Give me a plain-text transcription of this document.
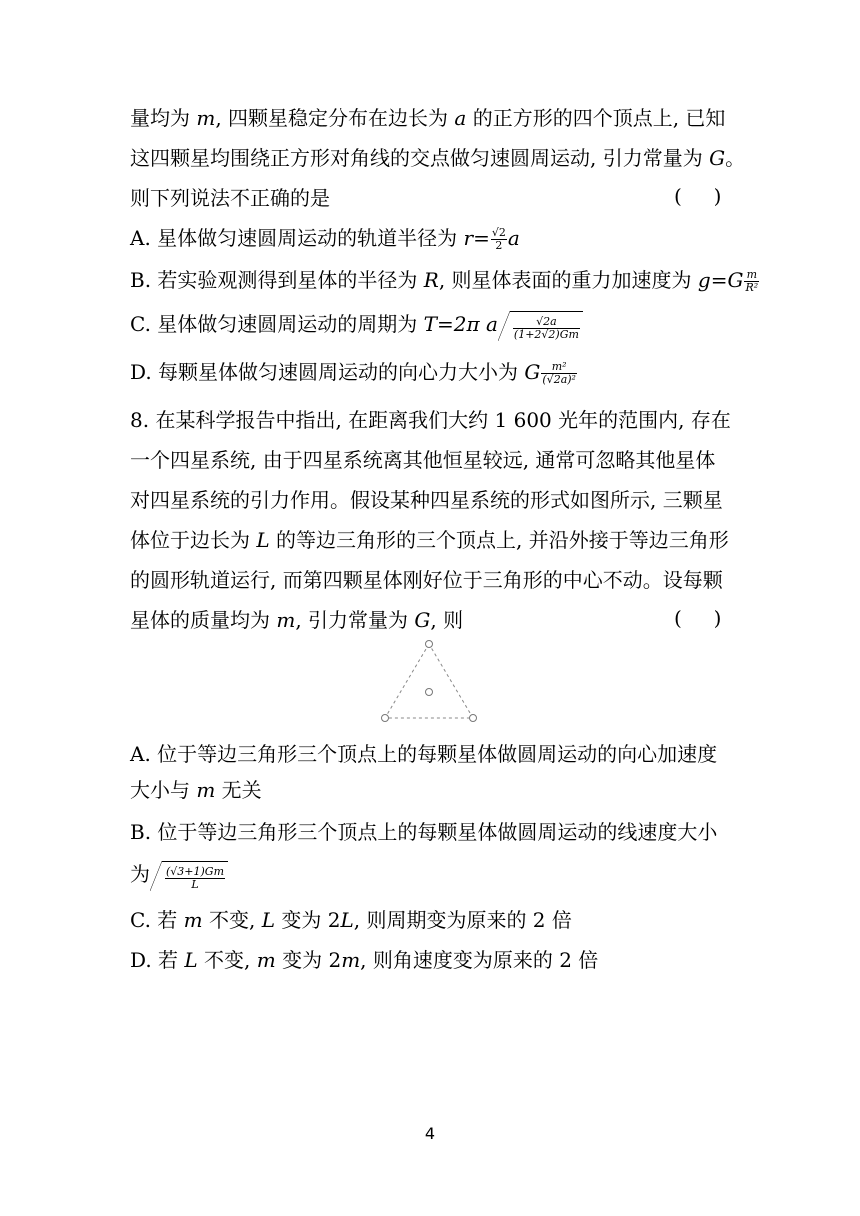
量均为 m, 四颗星稳定分布在边长为 a 的正方形的四个顶点上, 已知
这四颗星均围绕正方形对角线的交点做匀速圆周运动, 引力常量为 G。
则下列说法不正确的是	(     )
A. 星体做匀速圆周运动的轨道半径为 $r= \frac{√2}{2}$ a
B. 若实验观测得到星体的半径为 R, 则星体表面的重力加速度为 $g=G \frac{m}{\text{R²}}$
C. 星体做匀速圆周运动的周期为 T=2π a $\frac{√2a}{(1+2√2)Gm}$
D. 每颗星体做匀速圆周运动的向心力大小为 G $\frac{\text{m²}}{\text{(√2a)²}}$
8. 在某科学报告中指出, 在距离我们大约 1 600 光年的范围内, 存在
一个四星系统, 由于四星系统离其他恒星较远, 通常可忽略其他星体
对四星系统的引力作用。假设某种四星系统的形式如图所示, 三颗星
体位于边长为 L 的等边三角形的三个顶点上, 并沿外接于等边三角形
的圆形轨道运行, 而第四颗星体刚好位于三角形的中心不动。设每颗
星体的质量均为 m, 引力常量为 G, 则	(     )
A. 位于等边三角形三个顶点上的每颗星体做圆周运动的向心加速度
大小与 m 无关
B. 位于等边三角形三个顶点上的每颗星体做圆周运动的线速度大小
为 $\frac{(√3+1)Gm}{L}$
C. 若 m 不变, L 变为 2L, 则周期变为原来的 2 倍
D. 若 L 不变, m 变为 2m, 则角速度变为原来的 2 倍
4
